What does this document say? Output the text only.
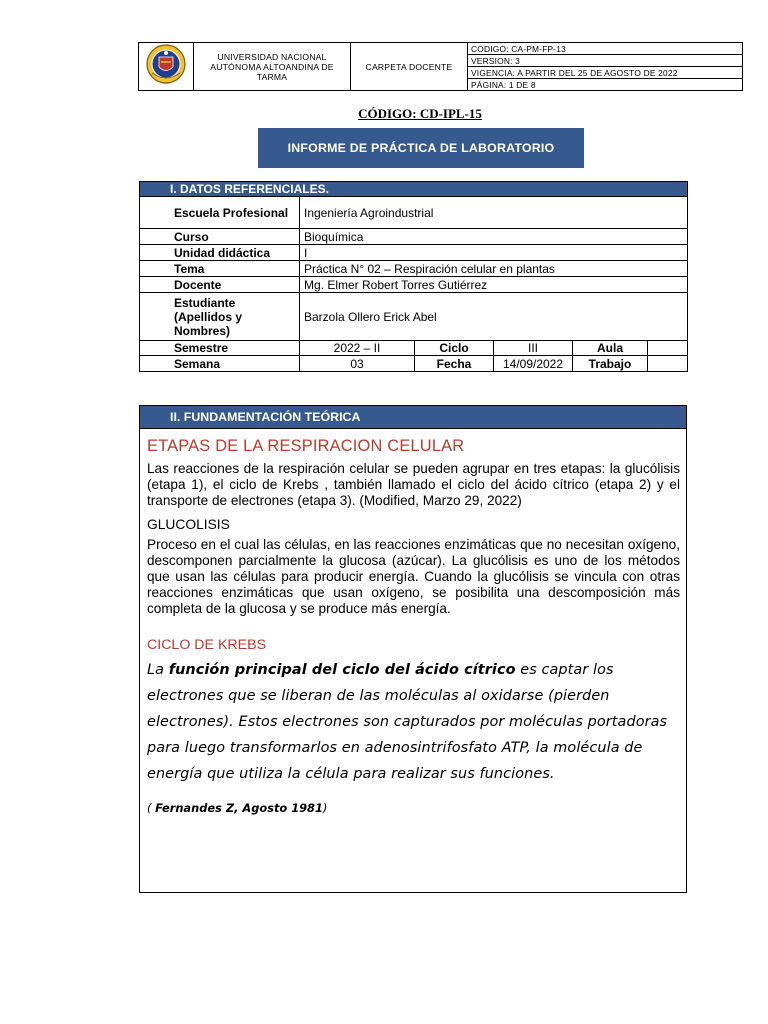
	UNIVERSIDAD NACIONAL AUTÓNOMA ALTOANDINA DE TARMA	CARPETA DOCENTE	CODIGO: CA-PM-FP-13
VERSION: 3
VIGENCIA: A PARTIR DEL 25 DE AGOSTO DE 2022
PÁGINA: 1 DE 8
CÓDIGO: CD-IPL-15
INFORME DE PRÁCTICA DE LABORATORIO
I. DATOS REFERENCIALES.					
Escuela Profesional	Ingeniería Agroindustrial				
Curso	Bioquímica				
Unidad didáctica	I				
Tema	Práctica N° 02 – Respiración celular en plantas				
Docente	Mg. Elmer Robert Torres Gutiérrez				
Estudiante (Apellidos y Nombres)	Barzola Ollero Erick Abel				
Semestre	2022 – II	Ciclo	III	Aula	
Semana	03	Fecha	14/09/2022	Trabajo	
II. FUNDAMENTACIÓN TEÓRICA
ETAPAS DE LA RESPIRACION CELULAR
Las reacciones de la respiración celular se pueden agrupar en tres etapas: la glucólisis (etapa 1), el ciclo de Krebs , también llamado el ciclo del ácido cítrico (etapa 2) y el transporte de electrones (etapa 3). (Modified, Marzo 29, 2022)
GLUCOLISIS
Proceso en el cual las células, en las reacciones enzimáticas que no necesitan oxígeno, descomponen parcialmente la glucosa (azúcar). La glucólisis es uno de los métodos que usan las células para producir energía. Cuando la glucólisis se vincula con otras reacciones enzimáticas que usan oxígeno, se posibilita una descomposición más completa de la glucosa y se produce más energía.
CICLO DE KREBS
La función principal del ciclo del ácido cítrico es captar los electrones que se liberan de las moléculas al oxidarse (pierden electrones). Estos electrones son capturados por moléculas portadoras para luego transformarlos en adenosintrifosfato ATP, la molécula de energía que utiliza la célula para realizar sus funciones.
( Fernandes Z, Agosto 1981)
